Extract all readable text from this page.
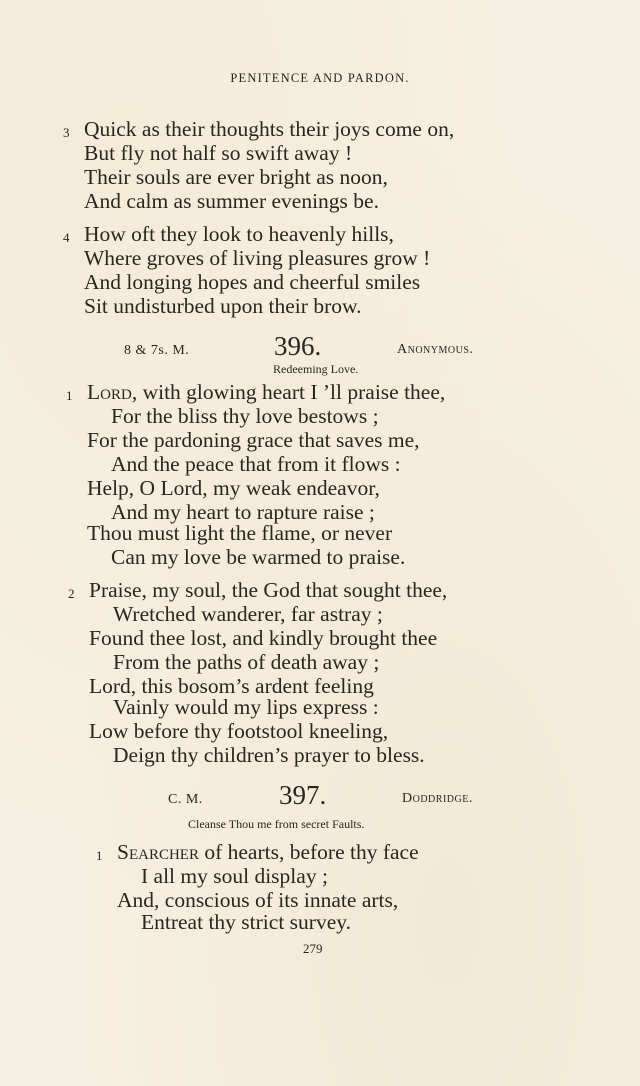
PENITENCE AND PARDON.
3 Quick as their thoughts their joys come on,
But fly not half so swift away !
Their souls are ever bright as noon,
And calm as summer evenings be.
4 How oft they look to heavenly hills,
Where groves of living pleasures grow !
And longing hopes and cheerful smiles
Sit undisturbed upon their brow.
8 & 7s. M.	396.	Anonymous.
Redeeming Love.
1 Lord, with glowing heart I ’ll praise thee,
For the bliss thy love bestows ;
For the pardoning grace that saves me,
And the peace that from it flows :
Help, O Lord, my weak endeavor,
And my heart to rapture raise ;
Thou must light the flame, or never
Can my love be warmed to praise.
2 Praise, my soul, the God that sought thee,
Wretched wanderer, far astray ;
Found thee lost, and kindly brought thee
From the paths of death away ;
Lord, this bosom’s ardent feeling
Vainly would my lips express :
Low before thy footstool kneeling,
Deign thy children’s prayer to bless.
C. M.	397.	Doddridge.
Cleanse Thou me from secret Faults.
1 Searcher of hearts, before thy face
I all my soul display ;
And, conscious of its innate arts,
Entreat thy strict survey.
279
